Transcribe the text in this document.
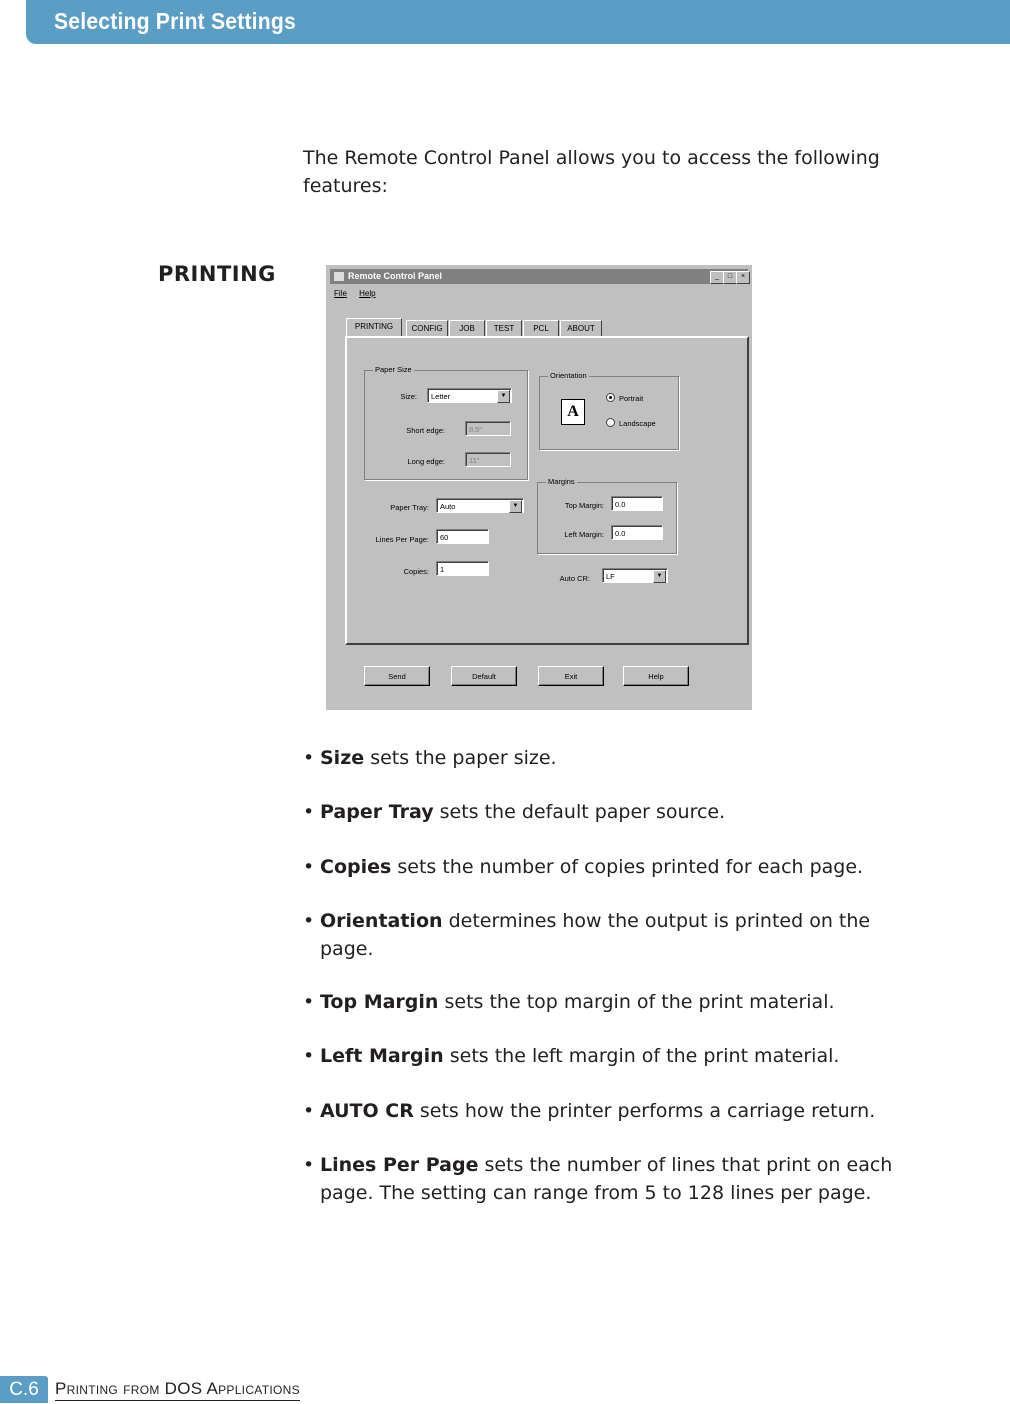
Selecting Print Settings
The Remote Control Panel allows you to access the following features:
PRINTING	Remote Control Panel	_	□	×
File Help
PRINTING	CONFIG	JOB	TEST	PCL	ABOUT
Paper Size
Size:	Letter	▼
Short edge:	8.5"
Long edge:	11"
Orientation
A
Portrait
Landscape
Paper Tray:	Auto	▼
Lines Per Page:	60
Copies:	1
Margins
Top Margin:	0.0
Left Margin:	0.0
Auto CR:	LF	▼
Send	Default	Exit	Help

• Size sets the paper size.

• Paper Tray sets the default paper source.

• Copies sets the number of copies printed for each page.

• Orientation determines how the output is printed on the page.

• Top Margin sets the top margin of the print material.

• Left Margin sets the left margin of the print material.

• AUTO CR sets how the printer performs a carriage return.

• Lines Per Page sets the number of lines that print on each page. The setting can range from 5 to 128 lines per page.

C.6 Printing from DOS Applications
